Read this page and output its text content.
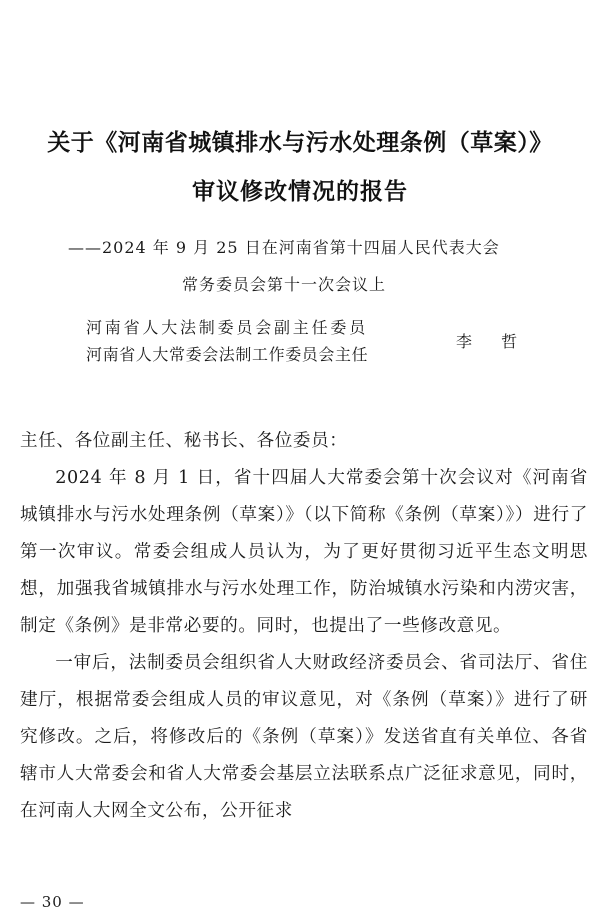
关于《河南省城镇排水与污水处理条例（草案）》
审议修改情况的报告

——2024 年 9 月 25 日在河南省第十四届人民代表大会

常务委员会第十一次会议上

河南省人大法制委员会副主任委员

河南省人大常委会法制工作委员会主任

李 哲

主任、各位副主任、秘书长、各位委员：

2024 年 8 月 1 日，省十四届人大常委会第十次会议对《河南省城镇排水与污水处理条例（草案）》（以下简称《条例（草案）》）进行了第一次审议。常委会组成人员认为，为了更好贯彻习近平生态文明思想，加强我省城镇排水与污水处理工作，防治城镇水污染和内涝灾害，制定《条例》是非常必要的。同时，也提出了一些修改意见。

一审后，法制委员会组织省人大财政经济委员会、省司法厅、省住建厅，根据常委会组成人员的审议意见，对《条例（草案）》进行了研究修改。之后，将修改后的《条例（草案）》发送省直有关单位、各省辖市人大常委会和省人大常委会基层立法联系点广泛征求意见，同时，在河南人大网全文公布，公开征求

— 30 —
